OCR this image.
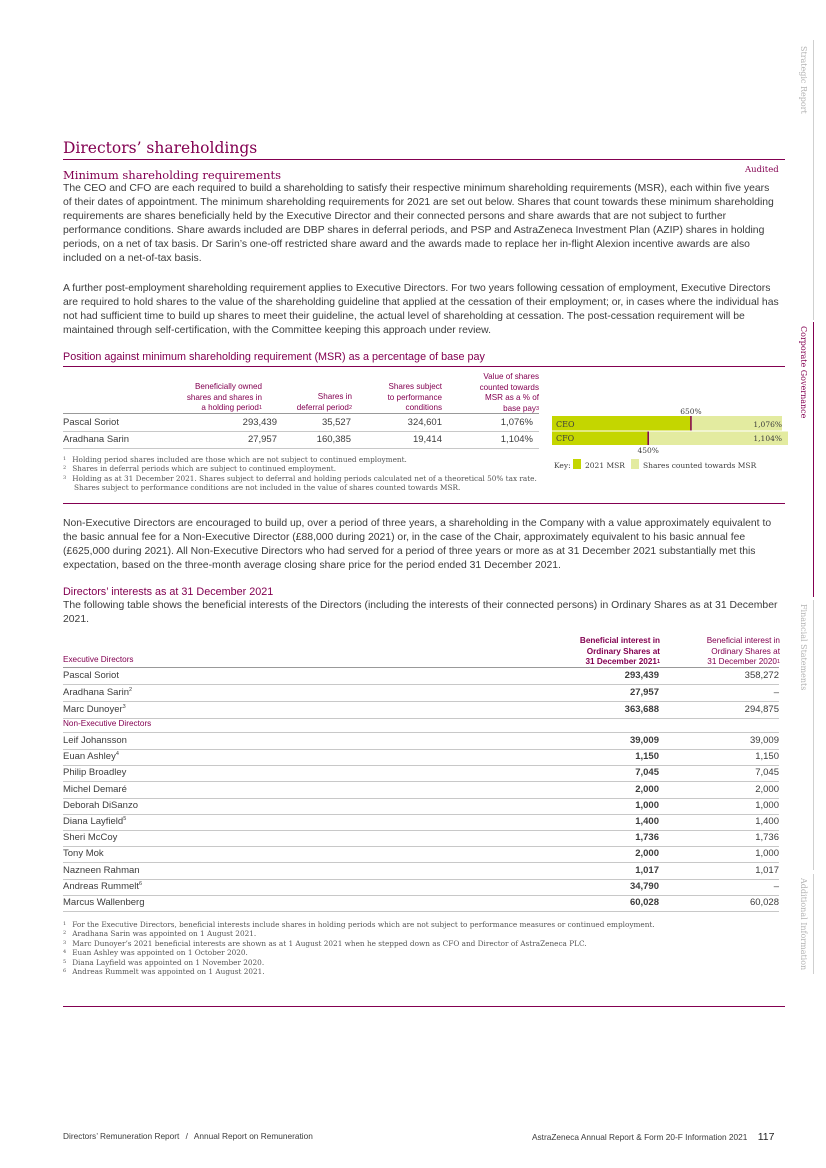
Strategic Report
Corporate Governance
Financial Statements
Additional Information
Directors’ shareholdings
Minimum shareholding requirements	Audited

The CEO and CFO are each required to build a shareholding to satisfy their respective minimum shareholding requirements (MSR), each within five years of their dates of appointment. The minimum shareholding requirements for 2021 are set out below. Shares that count towards these minimum shareholding requirements are shares beneficially held by the Executive Director and their connected persons and share awards that are not subject to further performance conditions. Share awards included are DBP shares in deferral periods, and PSP and AstraZeneca Investment Plan (AZIP) shares in holding periods, on a net of tax basis. Dr Sarin’s one-off restricted share award and the awards made to replace her in-flight Alexion incentive awards are also included on a net-of-tax basis.

A further post-employment shareholding requirement applies to Executive Directors. For two years following cessation of employment, Executive Directors are required to hold shares to the value of the shareholding guideline that applied at the cessation of their employment; or, in cases where the individual has not had sufficient time to build up shares to meet their guideline, the actual level of shareholding at cessation. The post-cessation requirement will be maintained through self-certification, with the Committee keeping this approach under review.

Position against minimum shareholding requirement (MSR) as a percentage of base pay
Beneficially owned
shares and shares in
a holding period$^1$
Shares in
deferral period$^2$
Shares subject
to performance
conditions
Value of shares
counted towards
MSR as a % of
base pay$^3$
Pascal Soriot	293,439	35,527	324,601	1,076%
Aradhana Sarin	27,957	160,385	19,414	1,104%
$^1$ Holding period shares included are those which are not subject to continued employment.
$^2$ Shares in deferral periods which are subject to continued employment.
$^3$ Holding as at 31 December 2021. Shares subject to deferral and holding periods calculated net of a theoretical 50% tax rate.
Shares subject to performance conditions are not included in the value of shares counted towards MSR.
CEO
CFO
650%
450%
1,076%
1,104%
Key: 2021 MSR Shares counted towards MSR

Non-Executive Directors are encouraged to build up, over a period of three years, a shareholding in the Company with a value approximately equivalent to the basic annual fee for a Non-Executive Director (£88,000 during 2021) or, in the case of the Chair, approximately equivalent to his basic annual fee (£625,000 during 2021). All Non-Executive Directors who had served for a period of three years or more as at 31 December 2021 substantially met this expectation, based on the three-month average closing share price for the period ended 31 December 2021.

Directors’ interests as at 31 December 2021

The following table shows the beneficial interests of the Directors (including the interests of their connected persons) in Ordinary Shares as at 31 December 2021.

Executive Directors
Beneficial interest in
Ordinary Shares at
31 December 2021$^1$
Beneficial interest in
Ordinary Shares at
31 December 2020$^1$
Pascal Soriot	293,439	358,272
Aradhana Sarin$^2$	27,957	–
Marc Dunoyer$^3$	363,688	294,875
Non-Executive Directors
Leif Johansson	39,009	39,009
Euan Ashley$^4$	1,150	1,150
Philip Broadley	7,045	7,045
Michel Demaré	2,000	2,000
Deborah DiSanzo	1,000	1,000
Diana Layfield$^5$	1,400	1,400
Sheri McCoy	1,736	1,736
Tony Mok	2,000	1,000
Nazneen Rahman	1,017	1,017
Andreas Rummelt$^6$	34,790	–
Marcus Wallenberg	60,028	60,028
$^1$ For the Executive Directors, beneficial interests include shares in holding periods which are not subject to performance measures or continued employment.
$^2$ Aradhana Sarin was appointed on 1 August 2021.
$^3$ Marc Dunoyer’s 2021 beneficial interests are shown as at 1 August 2021 when he stepped down as CFO and Director of AstraZeneca PLC.
$^4$ Euan Ashley was appointed on 1 October 2020.
$^5$ Diana Layfield was appointed on 1 November 2020.
$^6$ Andreas Rummelt was appointed on 1 August 2021.
Directors’ Remuneration Report / Annual Report on Remuneration	AstraZeneca Annual Report & Form 20-F Information 2021 117
